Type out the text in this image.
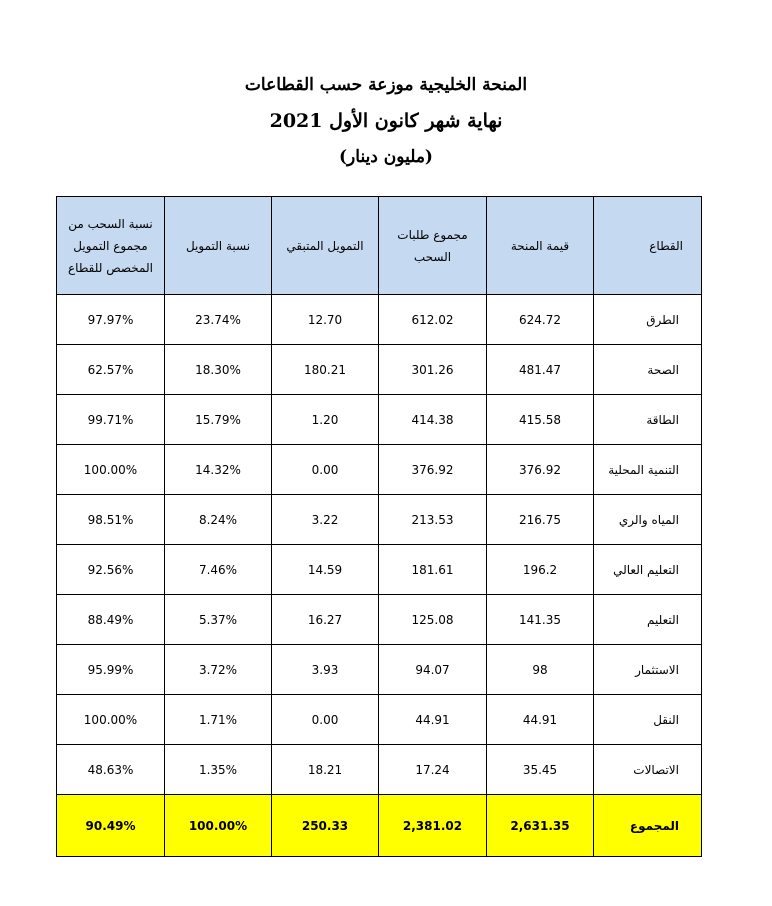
المنحة الخليجية موزعة حسب القطاعات
نهاية شهر كانون الأول 2021
(مليون دينار)
القطاع	قيمة المنحة	مجموع طلبات السحب	التمويل المتبقي	نسبة التمويل	نسبة السحب من مجموع التمويل المخصص للقطاع
الطرق	624.72	612.02	12.70	23.74%	97.97%
الصحة	481.47	301.26	180.21	18.30%	62.57%
الطاقة	415.58	414.38	1.20	15.79%	99.71%
التنمية المحلية	376.92	376.92	0.00	14.32%	100.00%
المياه والري	216.75	213.53	3.22	8.24%	98.51%
التعليم العالي	196.2	181.61	14.59	7.46%	92.56%
التعليم	141.35	125.08	16.27	5.37%	88.49%
الاستثمار	98	94.07	3.93	3.72%	95.99%
النقل	44.91	44.91	0.00	1.71%	100.00%
الاتصالات	35.45	17.24	18.21	1.35%	48.63%
المجموع	2,631.35	2,381.02	250.33	100.00%	90.49%
